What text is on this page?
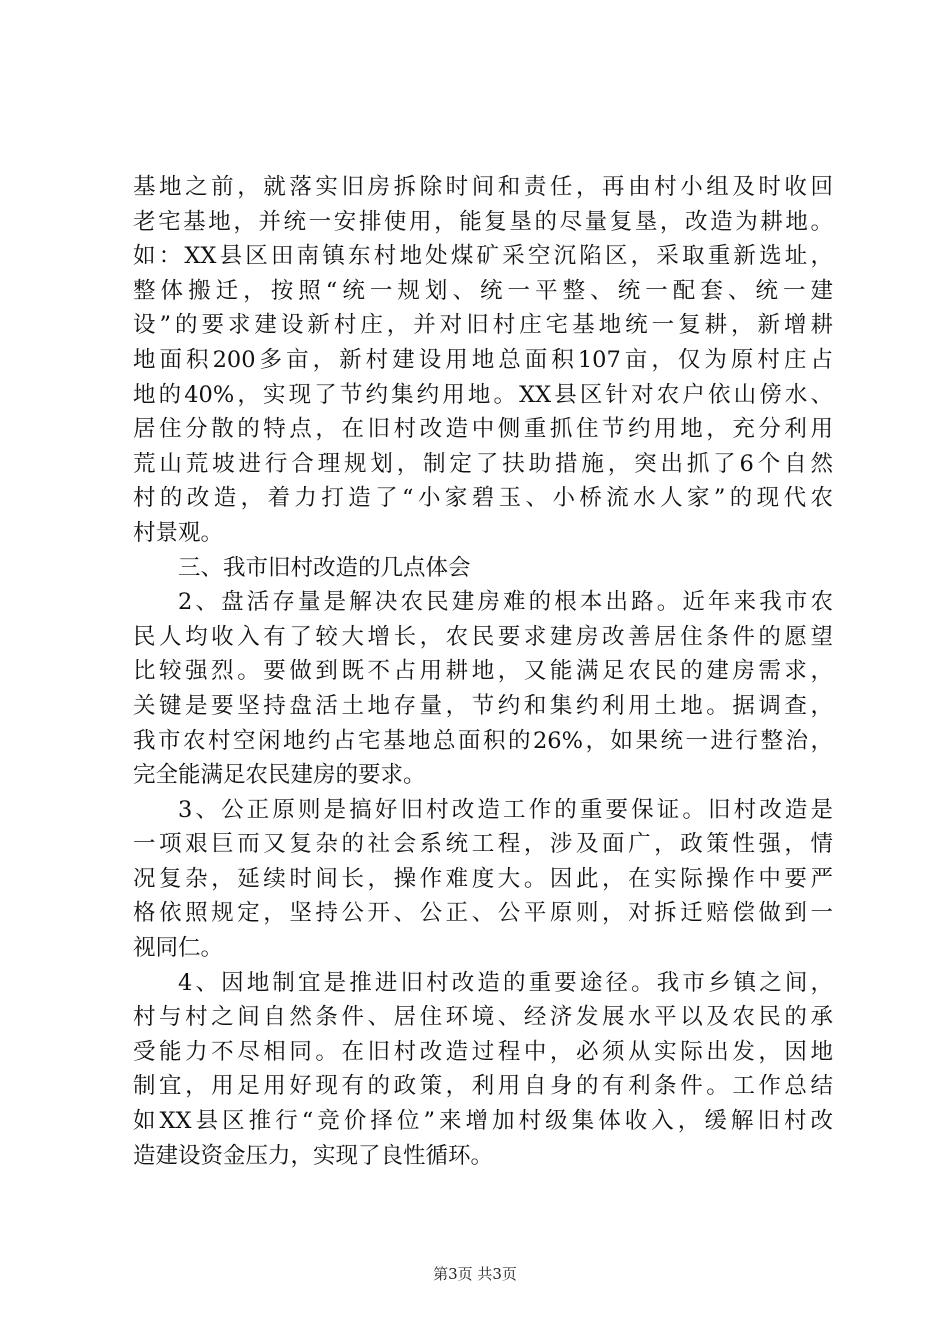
基地之前，就落实旧房拆除时间和责任，再由村小组及时收回
老宅基地，并统一安排使用，能复垦的尽量复垦，改造为耕地。
如：XX县区田南镇东村地处煤矿采空沉陷区，采取重新选址，
整体搬迁，按照“统一规划、统一平整、统一配套、统一建
设”的要求建设新村庄，并对旧村庄宅基地统一复耕，新增耕
地面积200多亩，新村建设用地总面积107亩，仅为原村庄占
地的40%，实现了节约集约用地。XX县区针对农户依山傍水、
居住分散的特点，在旧村改造中侧重抓住节约用地，充分利用
荒山荒坡进行合理规划，制定了扶助措施，突出抓了6个自然
村的改造，着力打造了“小家碧玉、小桥流水人家”的现代农
村景观。
三、我市旧村改造的几点体会
2、盘活存量是解决农民建房难的根本出路。近年来我市农
民人均收入有了较大增长，农民要求建房改善居住条件的愿望
比较强烈。要做到既不占用耕地，又能满足农民的建房需求，
关键是要坚持盘活土地存量，节约和集约利用土地。据调查，
我市农村空闲地约占宅基地总面积的26%，如果统一进行整治，
完全能满足农民建房的要求。
3、公正原则是搞好旧村改造工作的重要保证。旧村改造是
一项艰巨而又复杂的社会系统工程，涉及面广，政策性强，情
况复杂，延续时间长，操作难度大。因此，在实际操作中要严
格依照规定，坚持公开、公正、公平原则，对拆迁赔偿做到一
视同仁。
4、因地制宜是推进旧村改造的重要途径。我市乡镇之间，
村与村之间自然条件、居住环境、经济发展水平以及农民的承
受能力不尽相同。在旧村改造过程中，必须从实际出发，因地
制宜，用足用好现有的政策，利用自身的有利条件。工作总结
如XX县区推行“竞价择位”来增加村级集体收入，缓解旧村改
造建设资金压力，实现了良性循环。
第3页 共3页
